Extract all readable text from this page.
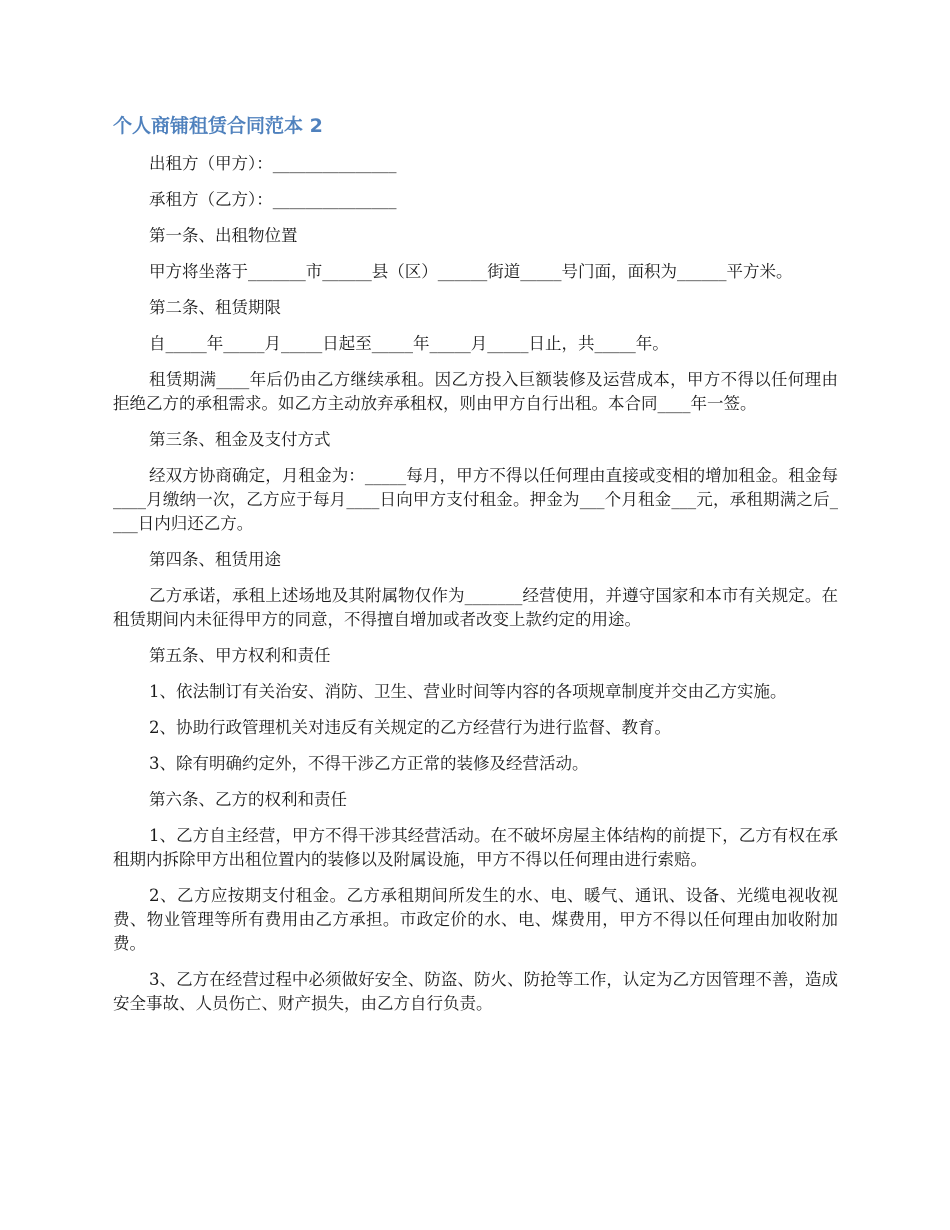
个人商铺租赁合同范本 2

出租方（甲方）：_______________

承租方（乙方）：_______________

第一条、出租物位置

甲方将坐落于_______市______县（区）______街道_____号门面，面积为______平方米。

第二条、租赁期限

自_____年_____月_____日起至_____年_____月_____日止，共_____年。

租赁期满____年后仍由乙方继续承租。因乙方投入巨额装修及运营成本，甲方不得以任何理由拒绝乙方的承租需求。如乙方主动放弃承租权，则由甲方自行出租。本合同____年一签。

第三条、租金及支付方式

经双方协商确定，月租金为：_____每月，甲方不得以任何理由直接或变相的增加租金。租金每____月缴纳一次，乙方应于每月____日向甲方支付租金。押金为___个月租金___元，承租期满之后____日内归还乙方。

第四条、租赁用途

乙方承诺，承租上述场地及其附属物仅作为_______经营使用，并遵守国家和本市有关规定。在租赁期间内未征得甲方的同意，不得擅自增加或者改变上款约定的用途。

第五条、甲方权利和责任

1、依法制订有关治安、消防、卫生、营业时间等内容的各项规章制度并交由乙方实施。

2、协助行政管理机关对违反有关规定的乙方经营行为进行监督、教育。

3、除有明确约定外，不得干涉乙方正常的装修及经营活动。

第六条、乙方的权利和责任

1、乙方自主经营，甲方不得干涉其经营活动。在不破坏房屋主体结构的前提下，乙方有权在承租期内拆除甲方出租位置内的装修以及附属设施，甲方不得以任何理由进行索赔。

2、乙方应按期支付租金。乙方承租期间所发生的水、电、暖气、通讯、设备、光缆电视收视费、物业管理等所有费用由乙方承担。市政定价的水、电、煤费用，甲方不得以任何理由加收附加费。

3、乙方在经营过程中必须做好安全、防盗、防火、防抢等工作，认定为乙方因管理不善，造成安全事故、人员伤亡、财产损失，由乙方自行负责。
